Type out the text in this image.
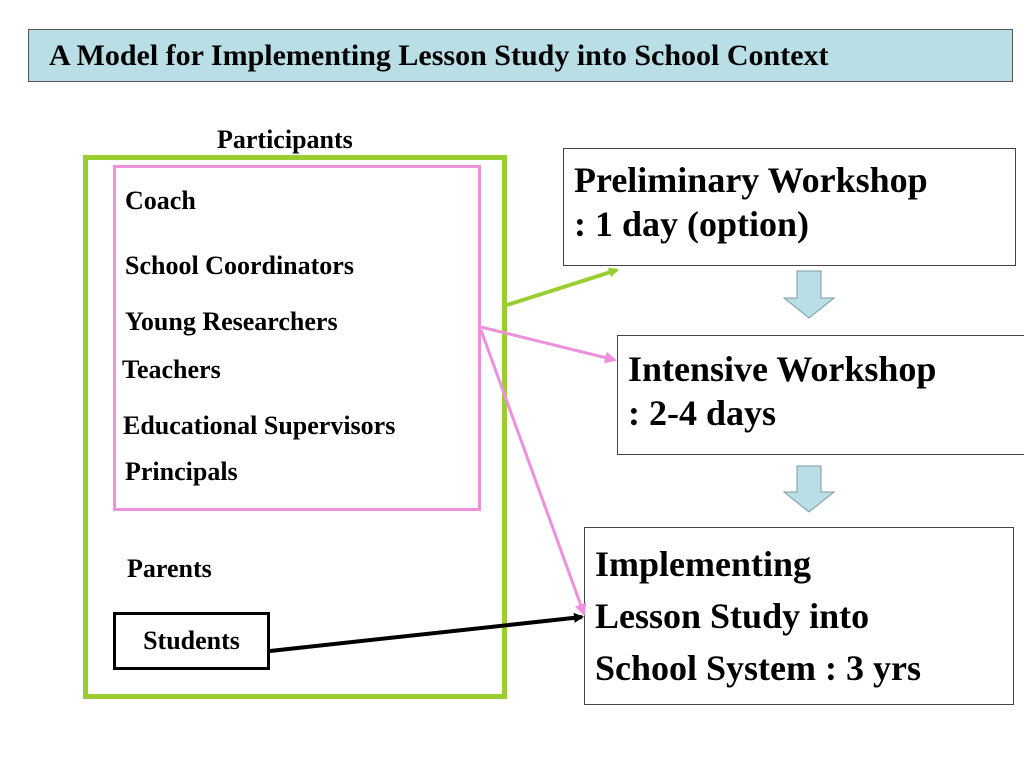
A Model for Implementing Lesson Study into School Context
Participants
Coach
School Coordinators
Young Researchers
Teachers
Educational Supervisors
Principals
Parents
Students
Preliminary Workshop
: 1 day (option)
Intensive Workshop
: 2-4 days
Implementing
Lesson Study into
School System : 3 yrs
